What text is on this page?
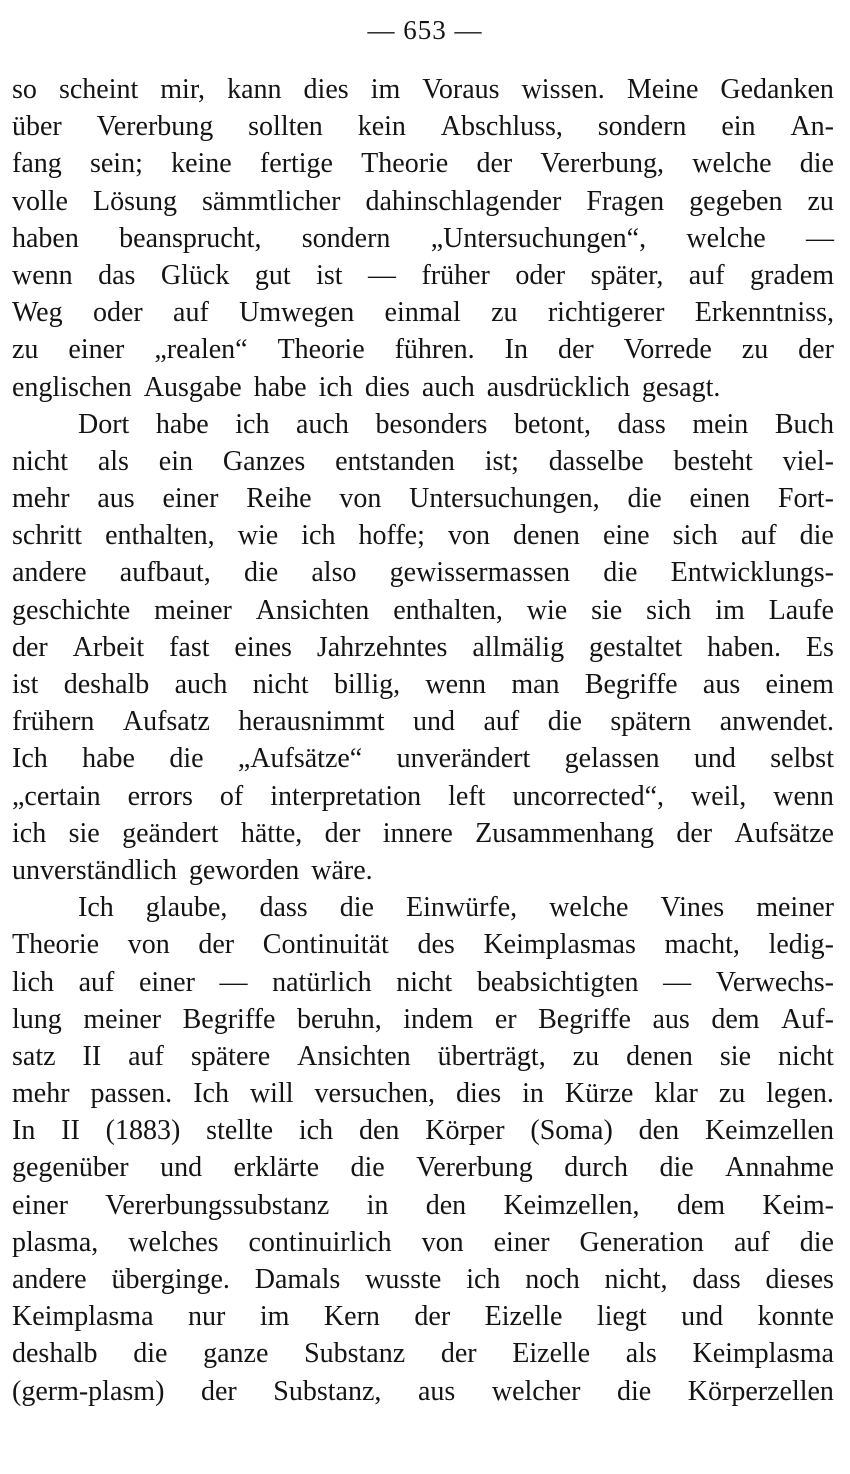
— 653 —
so scheint mir, kann dies im Voraus wissen. Meine Gedanken
über Vererbung sollten kein Abschluss, sondern ein An-
fang sein; keine fertige Theorie der Vererbung, welche die
volle Lösung sämmtlicher dahinschlagender Fragen gegeben zu
haben beansprucht, sondern „Untersuchungen“, welche —
wenn das Glück gut ist — früher oder später, auf gradem
Weg oder auf Umwegen einmal zu richtigerer Erkenntniss,
zu einer „realen“ Theorie führen. In der Vorrede zu der
englischen Ausgabe habe ich dies auch ausdrücklich gesagt.
Dort habe ich auch besonders betont, dass mein Buch
nicht als ein Ganzes entstanden ist; dasselbe besteht viel-
mehr aus einer Reihe von Untersuchungen, die einen Fort-
schritt enthalten, wie ich hoffe; von denen eine sich auf die
andere aufbaut, die also gewissermassen die Entwicklungs-
geschichte meiner Ansichten enthalten, wie sie sich im Laufe
der Arbeit fast eines Jahrzehntes allmälig gestaltet haben. Es
ist deshalb auch nicht billig, wenn man Begriffe aus einem
frühern Aufsatz herausnimmt und auf die spätern anwendet.
Ich habe die „Aufsätze“ unverändert gelassen und selbst
„certain errors of interpretation left uncorrected“, weil, wenn
ich sie geändert hätte, der innere Zusammenhang der Aufsätze
unverständlich geworden wäre.
Ich glaube, dass die Einwürfe, welche Vines meiner
Theorie von der Continuität des Keimplasmas macht, ledig-
lich auf einer — natürlich nicht beabsichtigten — Verwechs-
lung meiner Begriffe beruhn, indem er Begriffe aus dem Auf-
satz II auf spätere Ansichten überträgt, zu denen sie nicht
mehr passen. Ich will versuchen, dies in Kürze klar zu legen.
In II (1883) stellte ich den Körper (Soma) den Keimzellen
gegenüber und erklärte die Vererbung durch die Annahme
einer Vererbungssubstanz in den Keimzellen, dem Keim-
plasma, welches continuirlich von einer Generation auf die
andere überginge. Damals wusste ich noch nicht, dass dieses
Keimplasma nur im Kern der Eizelle liegt und konnte
deshalb die ganze Substanz der Eizelle als Keimplasma
(germ-plasm) der Substanz, aus welcher die Körperzellen
